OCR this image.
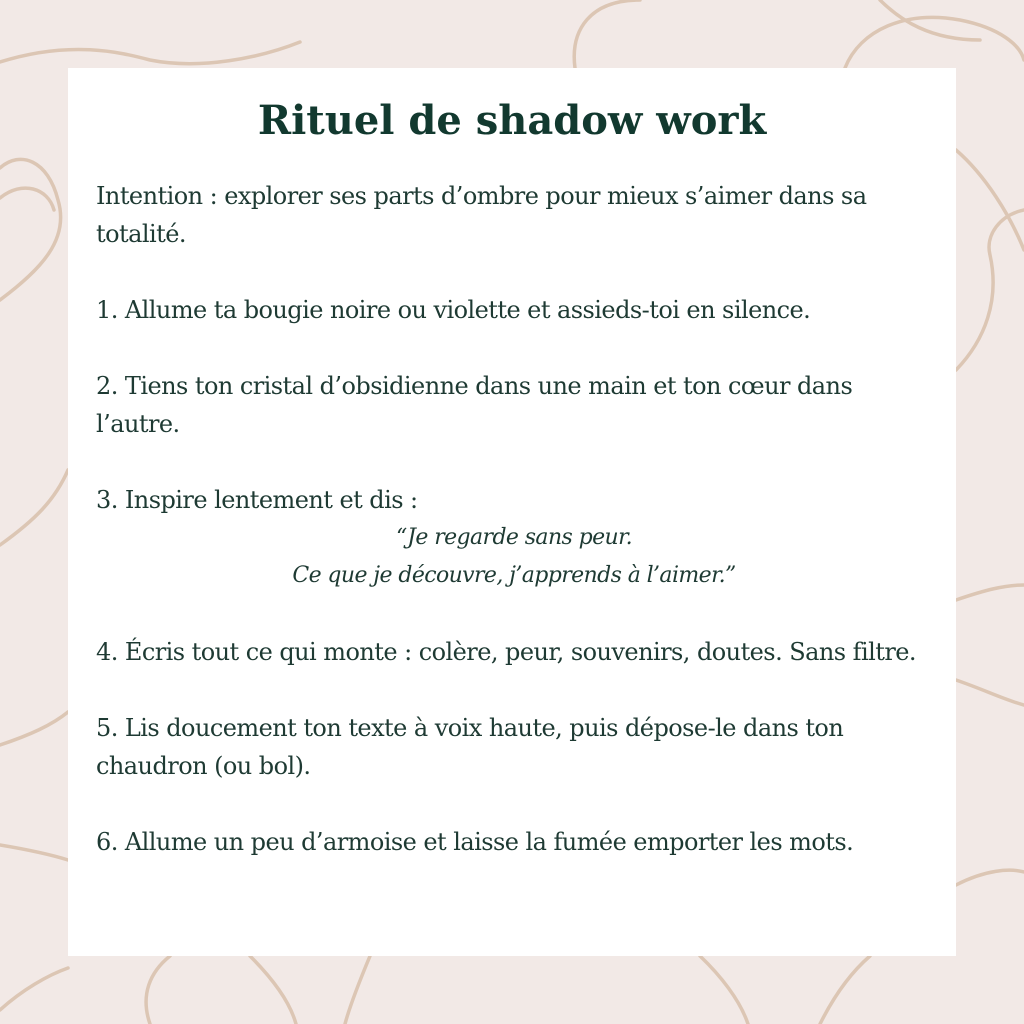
Rituel de shadow work

Intention : explorer ses parts d’ombre pour mieux s’aimer dans sa totalité.

1. Allume ta bougie noire ou violette et assieds-toi en silence.

2. Tiens ton cristal d’obsidienne dans une main et ton cœur dans l’autre.

3. Inspire lentement et dis :

“Je regarde sans peur.
Ce que je découvre, j’apprends à l’aimer.”

4. Écris tout ce qui monte : colère, peur, souvenirs, doutes. Sans filtre.

5. Lis doucement ton texte à voix haute, puis dépose-le dans ton chaudron (ou bol).

6. Allume un peu d’armoise et laisse la fumée emporter les mots.
